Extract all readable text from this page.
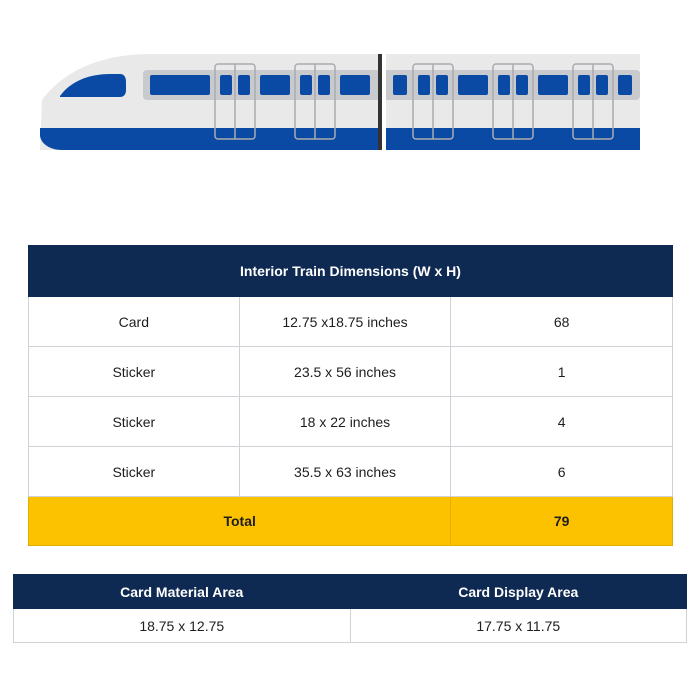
Interior Train Dimensions (W x H)		
Card	12.75 x18.75 inches	68
Sticker	23.5 x 56 inches	1
Sticker	18 x 22 inches	4
Sticker	35.5 x 63 inches	6
Total		79
Card Material Area	Card Display Area
18.75 x 12.75	17.75 x 11.75
